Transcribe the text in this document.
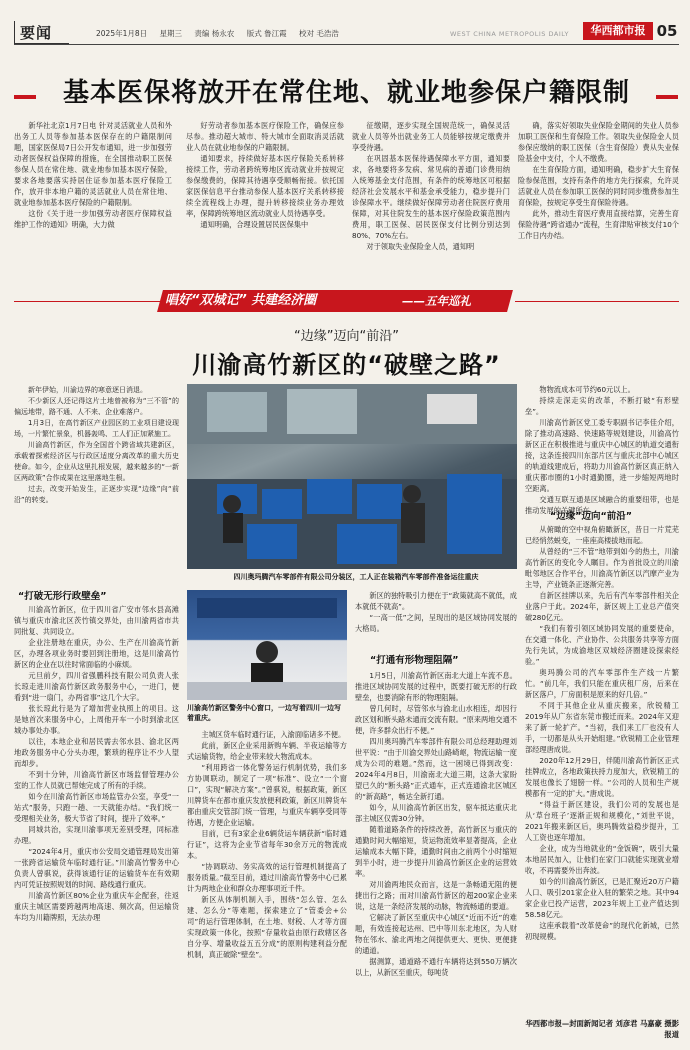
要闻	2025年1月8日 星期三 责编 杨永农 版式 鲁江霞 校对 毛浩浩	WEST CHINA METROPOLIS DAILY	华西都市报 05
基本医保将放开在常住地、就业地参保户籍限制

新华社北京1月7日电 针对灵活就业人员和外出务工人员等参加基本医保存在的户籍限制问题，国家医保局7日公开发布通知，进一步加强劳动者医保权益保障的措施，在全国推动职工医保参保人员在常住地、就业地参加基本医疗保险，要求各地要落实持居住证参加基本医疗保险工作，放开非本地户籍的灵活就业人员在常住地、就业地参加基本医疗保险的户籍限制。

这份《关于进一步加强劳动者医疗保障权益维护工作的通知》明确，大力做

好劳动者参加基本医疗保险工作，确保应参尽参。推动超大城市、特大城市全面取消灵活就业人员在就业地参保的户籍限制。

通知要求，持续做好基本医疗保险关系转移接续工作，劳动者跨统筹地区流动就业并按规定参保缴费的，保障其待遇享受顺畅衔接。依托国家医保信息平台推动参保人基本医疗关系转移接续全流程线上办理，提升转移接续业务办理效率，保障跨统筹地区流动就业人员待遇享受。

通知明确，合理设置居民医保集中

征缴期，逐步实现全国规范统一，确保灵活就业人员等外出就业务工人员能够按规定缴费并享受待遇。

在巩固基本医保待遇保障水平方面，通知要求，各地要将多发病、常见病的普通门诊费用纳入统筹基金支付范围，有条件的统筹地区可根据经济社会发展水平和基金承受能力，稳步提升门诊保障水平。继续做好保障劳动者住院医疗费用保障，对其住院发生的基本医疗保险政策范围内费用，职工医保、居民医保支付比例分别达到80%、70%左右。

对于领取失业保险金人员，通知明

确，落实好领取失业保险金期间的失业人员参加职工医保和生育保险工作。领取失业保险金人员参保应缴纳的职工医保（含生育保险）费从失业保险基金中支付，个人不缴费。

在生育保险方面，通知明确，稳步扩大生育保险参保范围，支持有条件的地方先行探索，允许灵活就业人员在参加职工医保的同时同步缴费参加生育保险，按规定享受生育保险待遇。

此外，推动生育医疗费用直接结算，完善生育保险待遇“跨省通办”流程，生育津贴审核支付10个工作日内办结。

唱好“双城记” 共建经济圈	——五年巡礼
“边缘”迈向“前沿”
川渝高竹新区的“破壁之路”

新年伊始，川渝边界的寒意逐日消退。

不少新区人还记得这片土地曾被称为“三不管”的偏远地带，路不通、人不来、企业难落户。

1月3日，在高竹新区产业园区的工业项目建设现场，一片繁忙景象，机器轰鸣、工人们正加紧施工。

川渝高竹新区，作为全国首个跨省域共建新区，承载着探索经济区与行政区适度分离改革的重大历史使命。如今，企业从这里扎根发展，越来越多的“一新区两政策”合作成果在这里落地生根。

过去，改变开始发生，正逐步实现“边缘”向“前沿”的转变。

四川奥玛腾汽车零部件有限公司分装区，工人正在装箱汽车零部件准备运往重庆
“打破无形行政壁垒”

川渝高竹新区，位于四川省广安市邻水县高滩镇与重庆市渝北区茨竹镇交界处，由川渝两省市共同批复、共同设立。

企业注册地在重庆，办公、生产在川渝高竹新区，办理各项业务时要回到注册地，这是川渝高竹新区的企业在以往时常面临的小麻烦。

元旦前夕，四川省强鹏科技有限公司负责人张长琼走进川渝高竹新区政务服务中心，一进门，便看到“进一扇门，办两省事”这几个大字。

张长琼此行是为了增加营业执照上的项目。这是她首次来服务中心，上周他开车一小时到渝北区城办事处办事。

以往，本地企业和居民需去邻水县、渝北区两地政务服务中心分头办理，繁琐的程序让不少人望而却步。

不到十分钟，川渝高竹新区市场监督管理办公室的工作人员就已帮她完成了所有的手续。

如今在川渝高竹新区市场监管办公室，享受“一站式”服务，只跑一趟、一天就能办结。“我们统一受理相关业务，极大节省了时间，提升了效率。”

同城共治，实现川渝事项无差别受理，同标准办理。

“2024年4月，重庆市公安局交通管理局发出第一张跨省运输货车临时通行证。”川渝高竹警务中心负责人曾骐说，获得该通行证的运输货车在有效期内可凭证按照规划的时间、路线通行重庆。

川渝高竹新区80%企业为重庆车企配套，往返重庆主城区需要跨越两地高速、频次高，但运输货车均为川籍牌照，无法办理

川渝高竹新区警务中心窗口，一边写着四川一边写着重庆。

主城区货车临时通行证，入渝面临诸多不便。

此前，新区企业采用新购车辆、半夜运输等方式运输货物，给企业带来较大物流成本。

“利用跨省一体化警务运行机制优势，我们多方协调联动，制定了一项“标准”、设立“一个窗口”，实现“解决方案”。”曾骐说，根据政策，新区川牌货车在都市重庆发放便利政策，新区川牌货车都由重庆交管部门统一管理，与重庆车辆享受同等待遇，方便企业运输。

目前，已有3家企业6辆货运车辆获新“临时通行证”，这将为企业节省每年30余万元的物流成本。

“协调联动、务实高效的运行管理机制提高了服务质量。”截至目前，通过川渝高竹警务中心已累计为两地企业和群众办理事项近千件。

新区从体制机制入手，围绕“怎么管、怎么建、怎么分”等难题，探索建立了“管委会+公司”的运行管理体制，在土地、财税、人才等方面实现政策一体化，按照“存量收益由原行政辖区各自分享、增量收益五五分成”的原则构建利益分配机制，真正破除“壁垒”。

新区的独特吸引力便在于“政策就高不就低，成本就低不就高”。

“一高一低”之间，呈现出的是区域协同发展的大格局。

“打通有形物理阻隔”

1月5日，川渝高竹新区南北大道上车流不息。推进区域协同发展的过程中，既要打破无形的行政壁垒，也要消除有形的物理阻隔。

曾几何时，尽管邻水与渝北山水相连，却因行政区划和断头路未通而交流有限。“原来两地交通不便，许多群众出行不便。”

四川奥玛腾汽车零部件有限公司总经理助理刘世平说：“由于川渝交界处山路崎岖，物流运输一度成为公司的难题。”然而，这一困境已得到改变：2024年4月8日，川渝南北大道三期，这条大家盼望已久的“断头路”正式通车，正式连通渝北区城区的“新高路”，畅达全新打通。

如今，从川渝高竹新区出发，驱车抵达重庆北部主城区仅需30分钟。

随着道路条件的持续改善，高竹新区与重庆的通勤时间大幅缩短，货运物流效率显著提高，企业运输成本大幅下降，通勤时间由之前两个小时缩短到半小时，进一步提升川渝高竹新区企业的运营效率。

对川渝两地民众而言，这是一条畅通无阻的便捷出行之路；而对川渝高竹新区的超200家企业来说，这是一条经济发展的动脉，物流畅通的要道。

它解决了新区至重庆中心城区“近而不近”的难题，有效连接起达州、巴中等川东北地区，为人财物在邻水、渝北两地之间提供更大、更快、更便捷的通道。

据测算，通道路不通行车辆将达到550万辆次以上，从新区至重庆，每吨货

物物流成本可节约60元以上。

持续走深走实的改革，不断打破“有形壁垒”。

川渝高竹新区党工委专职副书记李佳介绍，除了推动高速路、快速路等规划建设，川渝高竹新区正在积极推进与重庆中心城区的轨道交通衔接，这条连接四川东部片区与重庆北部中心城区的轨道线建成后，将助力川渝高竹新区真正纳入重庆都市圈的1小时通勤圈，进一步缩短两地时空距离。

交通互联互通是区域融合的重要纽带，也是推动发展的关键所在。

“边缘”迈向“前沿”

从俯瞰的空中视角俯瞰新区，昔日一片荒芜已经悄然蜕变，一座座高楼拔地而起。

从曾经的“三不管”地带到如今的热土，川渝高竹新区的变化令人瞩目。作为首批设立的川渝毗邻地区合作平台，川渝高竹新区以汽摩产业为主导，产业链条正逐渐完善。

自新区挂牌以来，先后有汽车零部件相关企业落户于此。2024年，新区规上工业总产值突破280亿元。

“我们有着引领区域协同发展的重要使命，在交通一体化、产业协作、公共服务共享等方面先行先试，为成渝地区双城经济圈建设探索经验。”

奥玛腾公司的汽车零部件生产线一片繁忙。“前几年，我们只能在重庆租厂房，后来在新区落户，厂房面积是原来的好几倍。”

不同于其他企业从重庆搬来，欣锐精工2019年从广东省东莞市搬迁而来。2024年又迎来了新一轮扩产。“当初，我们来工厂也没有人手，一切都是从头开始组建。”欣锐精工企业管理部经理唐成说。

2020年12月29日，伴随川渝高竹新区正式挂牌成立，各地政策扶持力度加大，欣锐精工的发展也像长了翅膀一样。“公司的人员和生产规模都有一定的扩大。”唐成说。

“得益于新区建设，我们公司的发展也是从‘草台班子’逐渐正规和规模化，”刘世平说，2021年搬来新区后，奥玛腾效益稳步提升，工人工资也逐年增加。

企业，成为当地就业的“金饭碗”，吸引大量本地居民加入，让他们在家门口就能实现就业增收，不再需要外出奔波。

如今的川渝高竹新区，已是汇聚近20万户籍人口、吸引201家企业入驻的繁荣之地。其中94家企业已投产运营，2023年规上工业产值达到58.58亿元。

这座承载着“改革使命”的现代化新城，已然初现规模。

华西都市报—封面新闻记者 刘彦君 马嘉豪 摄影报道
